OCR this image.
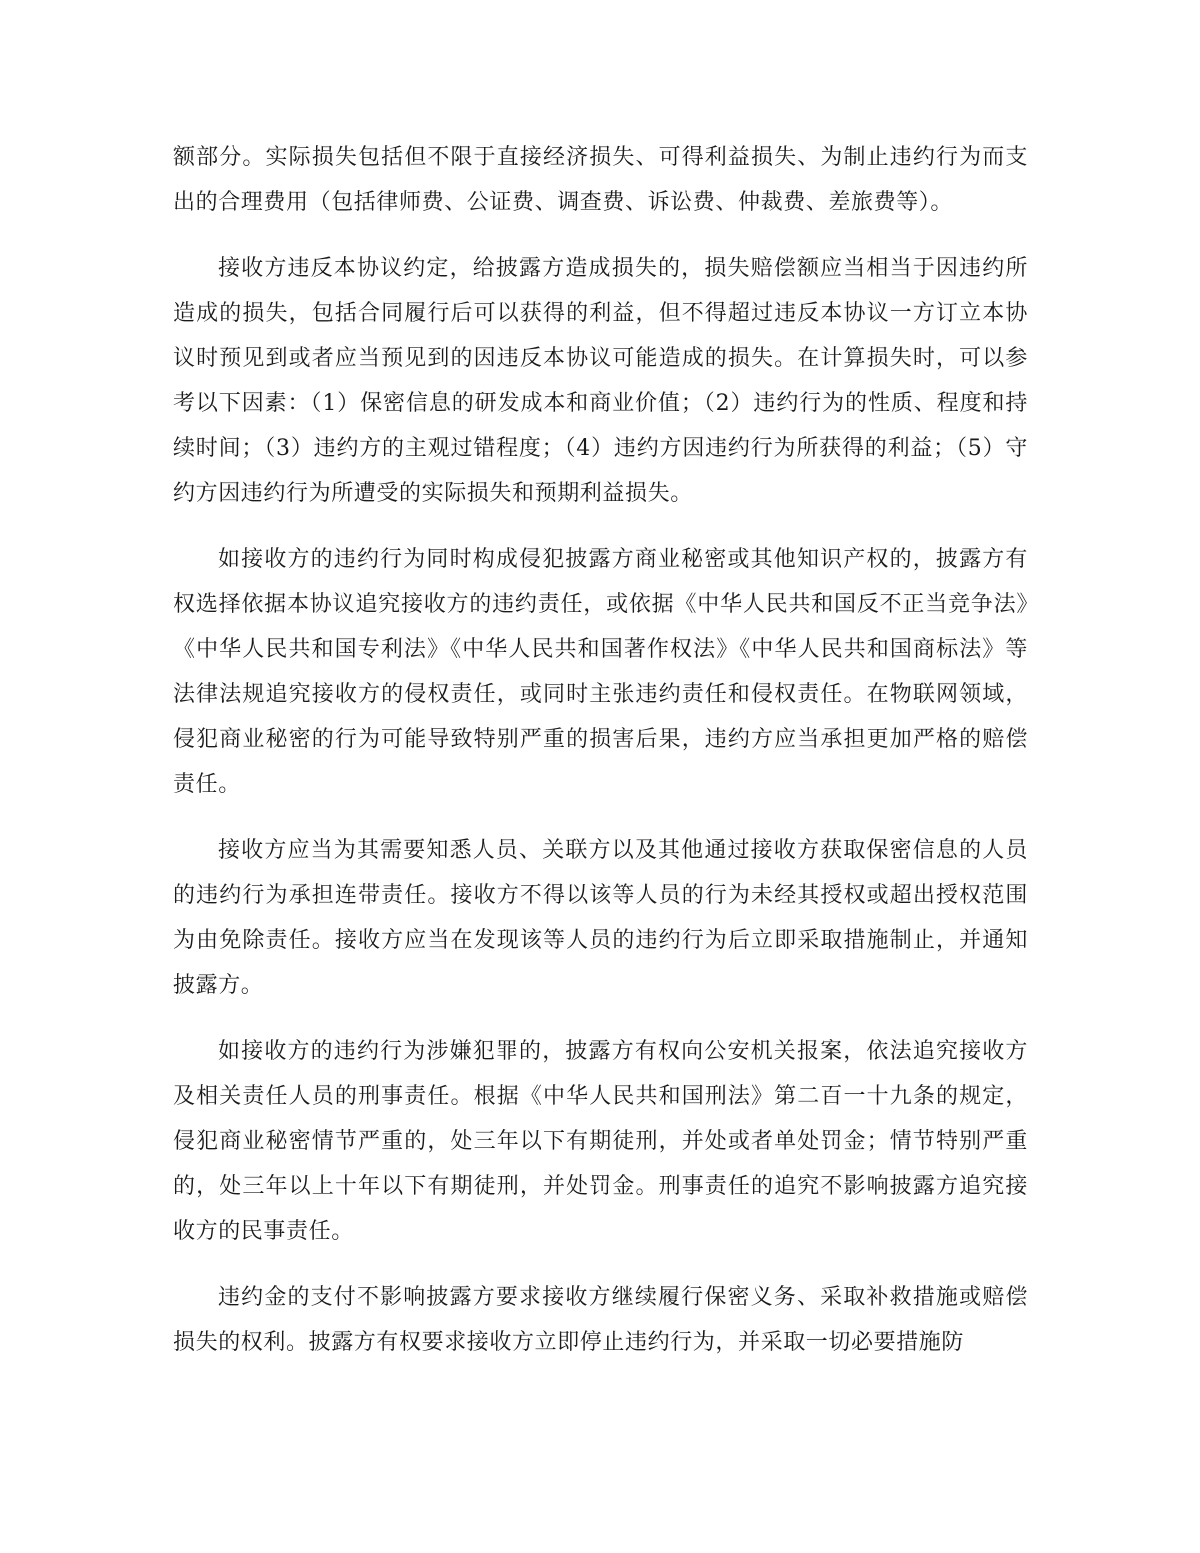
额部分。实际损失包括但不限于直接经济损失、可得利益损失、为制止违约行为而支出的合理费用（包括律师费、公证费、调查费、诉讼费、仲裁费、差旅费等）。

接收方违反本协议约定，给披露方造成损失的，损失赔偿额应当相当于因违约所造成的损失，包括合同履行后可以获得的利益，但不得超过违反本协议一方订立本协议时预见到或者应当预见到的因违反本协议可能造成的损失。在计算损失时，可以参考以下因素：（1）保密信息的研发成本和商业价值；（2）违约行为的性质、程度和持续时间；（3）违约方的主观过错程度；（4）违约方因违约行为所获得的利益；（5）守约方因违约行为所遭受的实际损失和预期利益损失。

如接收方的违约行为同时构成侵犯披露方商业秘密或其他知识产权的，披露方有权选择依据本协议追究接收方的违约责任，或依据《中华人民共和国反不正当竞争法》《中华人民共和国专利法》《中华人民共和国著作权法》《中华人民共和国商标法》等法律法规追究接收方的侵权责任，或同时主张违约责任和侵权责任。在物联网领域，侵犯商业秘密的行为可能导致特别严重的损害后果，违约方应当承担更加严格的赔偿责任。

接收方应当为其需要知悉人员、关联方以及其他通过接收方获取保密信息的人员的违约行为承担连带责任。接收方不得以该等人员的行为未经其授权或超出授权范围为由免除责任。接收方应当在发现该等人员的违约行为后立即采取措施制止，并通知披露方。

如接收方的违约行为涉嫌犯罪的，披露方有权向公安机关报案，依法追究接收方及相关责任人员的刑事责任。根据《中华人民共和国刑法》第二百一十九条的规定，侵犯商业秘密情节严重的，处三年以下有期徒刑，并处或者单处罚金；情节特别严重的，处三年以上十年以下有期徒刑，并处罚金。刑事责任的追究不影响披露方追究接收方的民事责任。

违约金的支付不影响披露方要求接收方继续履行保密义务、采取补救措施或赔偿损失的权利。披露方有权要求接收方立即停止违约行为，并采取一切必要措施防
